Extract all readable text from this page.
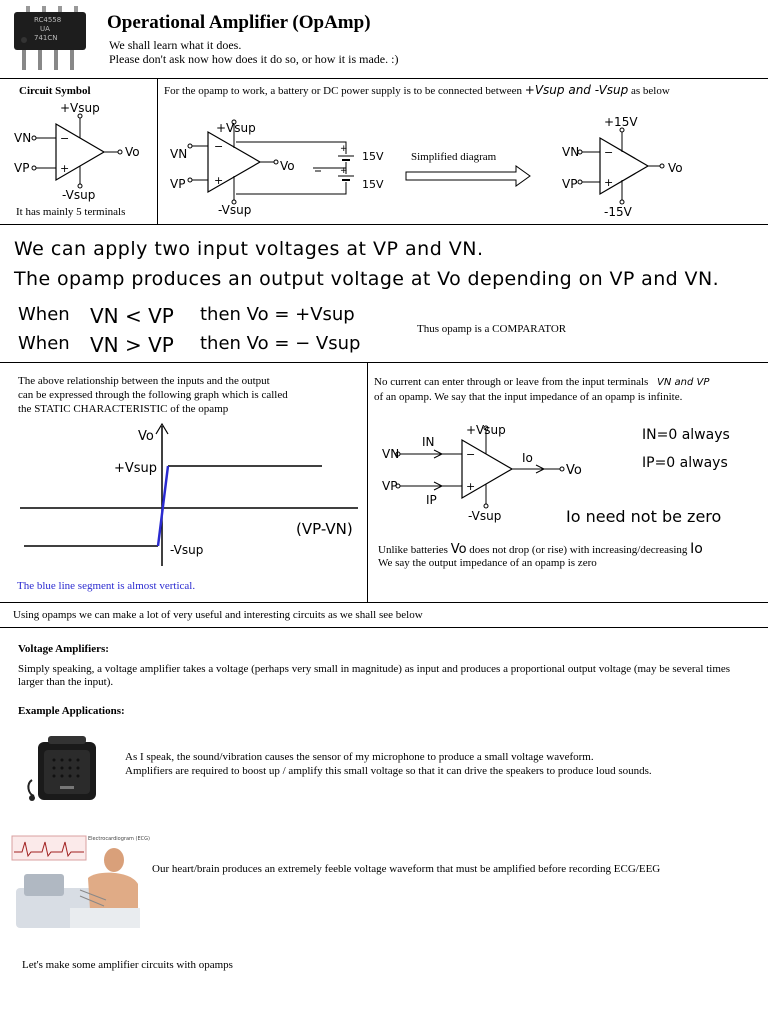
RC4558
UA
741CN
Operational Amplifier (OpAmp)
We shall learn what it does.
Please don't ask now how does it do so, or how it is made. :)
Circuit Symbol
−
+
+Vsup
-Vsup
VN
VP
Vo
It has mainly 5 terminals
For the opamp to work, a battery or DC power supply is to be connected between +Vsup and -Vsup as below
+
+
−
+
+Vsup
-Vsup
VN
VP
Vo
15V
15V
Simplified diagram	−
+
+15V
-15V
VN
VP
Vo
We can apply two input voltages at VP and VN.
The opamp produces an output voltage at Vo depending on VP and VN.
When VN < VP then Vo = +Vsup
When VN > VP then Vo = − Vsup
Thus opamp is a COMPARATOR
The above relationship between the inputs and the output
can be expressed through the following graph which is called
the STATIC CHARACTERISTIC of the opamp
Vo
+Vsup
-Vsup
(VP-VN)
The blue line segment is almost vertical.
No current can enter through or leave from the input terminals VN and VP
of an opamp. We say that the input impedance of an opamp is infinite.
−
+
+Vsup
-Vsup
VN
VP
Vo
IN
IP
Io
IN=0 always
IP=0 always
Io need not be zero
Unlike batteries Vo does not drop (or rise) with increasing/decreasing Io
We say the output impedance of an opamp is zero
Using opamps we can make a lot of very useful and interesting circuits as we shall see below
Voltage Amplifiers:
Simply speaking, a voltage amplifier takes a voltage (perhaps very small in magnitude) as input and produces a proportional output voltage (may be several times larger than the input).
Example Applications:
As I speak, the sound/vibration causes the sensor of my microphone to produce a small voltage waveform.
Amplifiers are required to boost up / amplify this small voltage so that it can drive the speakers to produce loud sounds.
Electrocardiogram (ECG)
Our heart/brain produces an extremely feeble voltage waveform that must be amplified before recording ECG/EEG
Let's make some amplifier circuits with opamps
